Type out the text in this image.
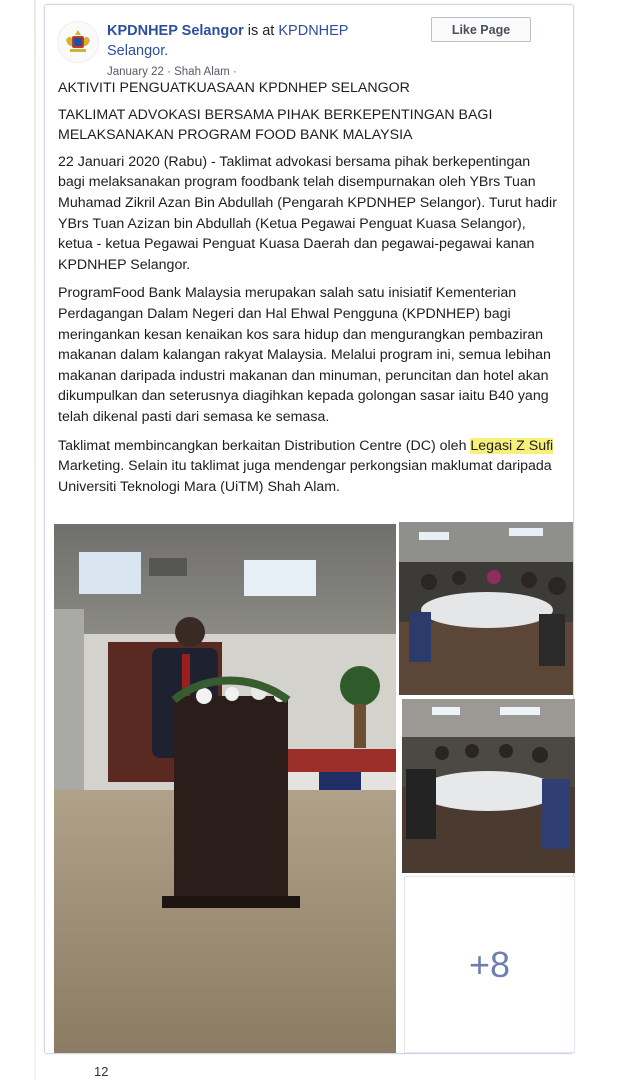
KPDNHEP Selangor is at KPDNHEP Selangor.
January 22 · Shah Alam ·
Like Page

AKTIVITI PENGUATKUASAAN KPDNHEP SELANGOR

TAKLIMAT ADVOKASI BERSAMA PIHAK BERKEPENTINGAN BAGI MELAKSANAKAN PROGRAM FOOD BANK MALAYSIA

22 Januari 2020 (Rabu) - Taklimat advokasi bersama pihak berkepentingan bagi melaksanakan program foodbank telah disempurnakan oleh YBrs Tuan Muhamad Zikril Azan Bin Abdullah (Pengarah KPDNHEP Selangor). Turut hadir YBrs Tuan Azizan bin Abdullah (Ketua Pegawai Penguat Kuasa Selangor), ketua - ketua Pegawai Penguat Kuasa Daerah dan pegawai-pegawai kanan KPDNHEP Selangor.

ProgramFood Bank Malaysia merupakan salah satu inisiatif Kementerian Perdagangan Dalam Negeri dan Hal Ehwal Pengguna (KPDNHEP) bagi meringankan kesan kenaikan kos sara hidup dan mengurangkan pembaziran makanan dalam kalangan rakyat Malaysia. Melalui program ini, semua lebihan makanan daripada industri makanan dan minuman, peruncitan dan hotel akan dikumpulkan dan seterusnya diagihkan kepada golongan sasar iaitu B40 yang telah dikenal pasti dari semasa ke semasa.

Taklimat membincangkan berkaitan Distribution Centre (DC) oleh Legasi Z Sufi Marketing. Selain itu taklimat juga mendengar perkongsian maklumat daripada Universiti Teknologi Mara (UiTM) Shah Alam.

+8
12
